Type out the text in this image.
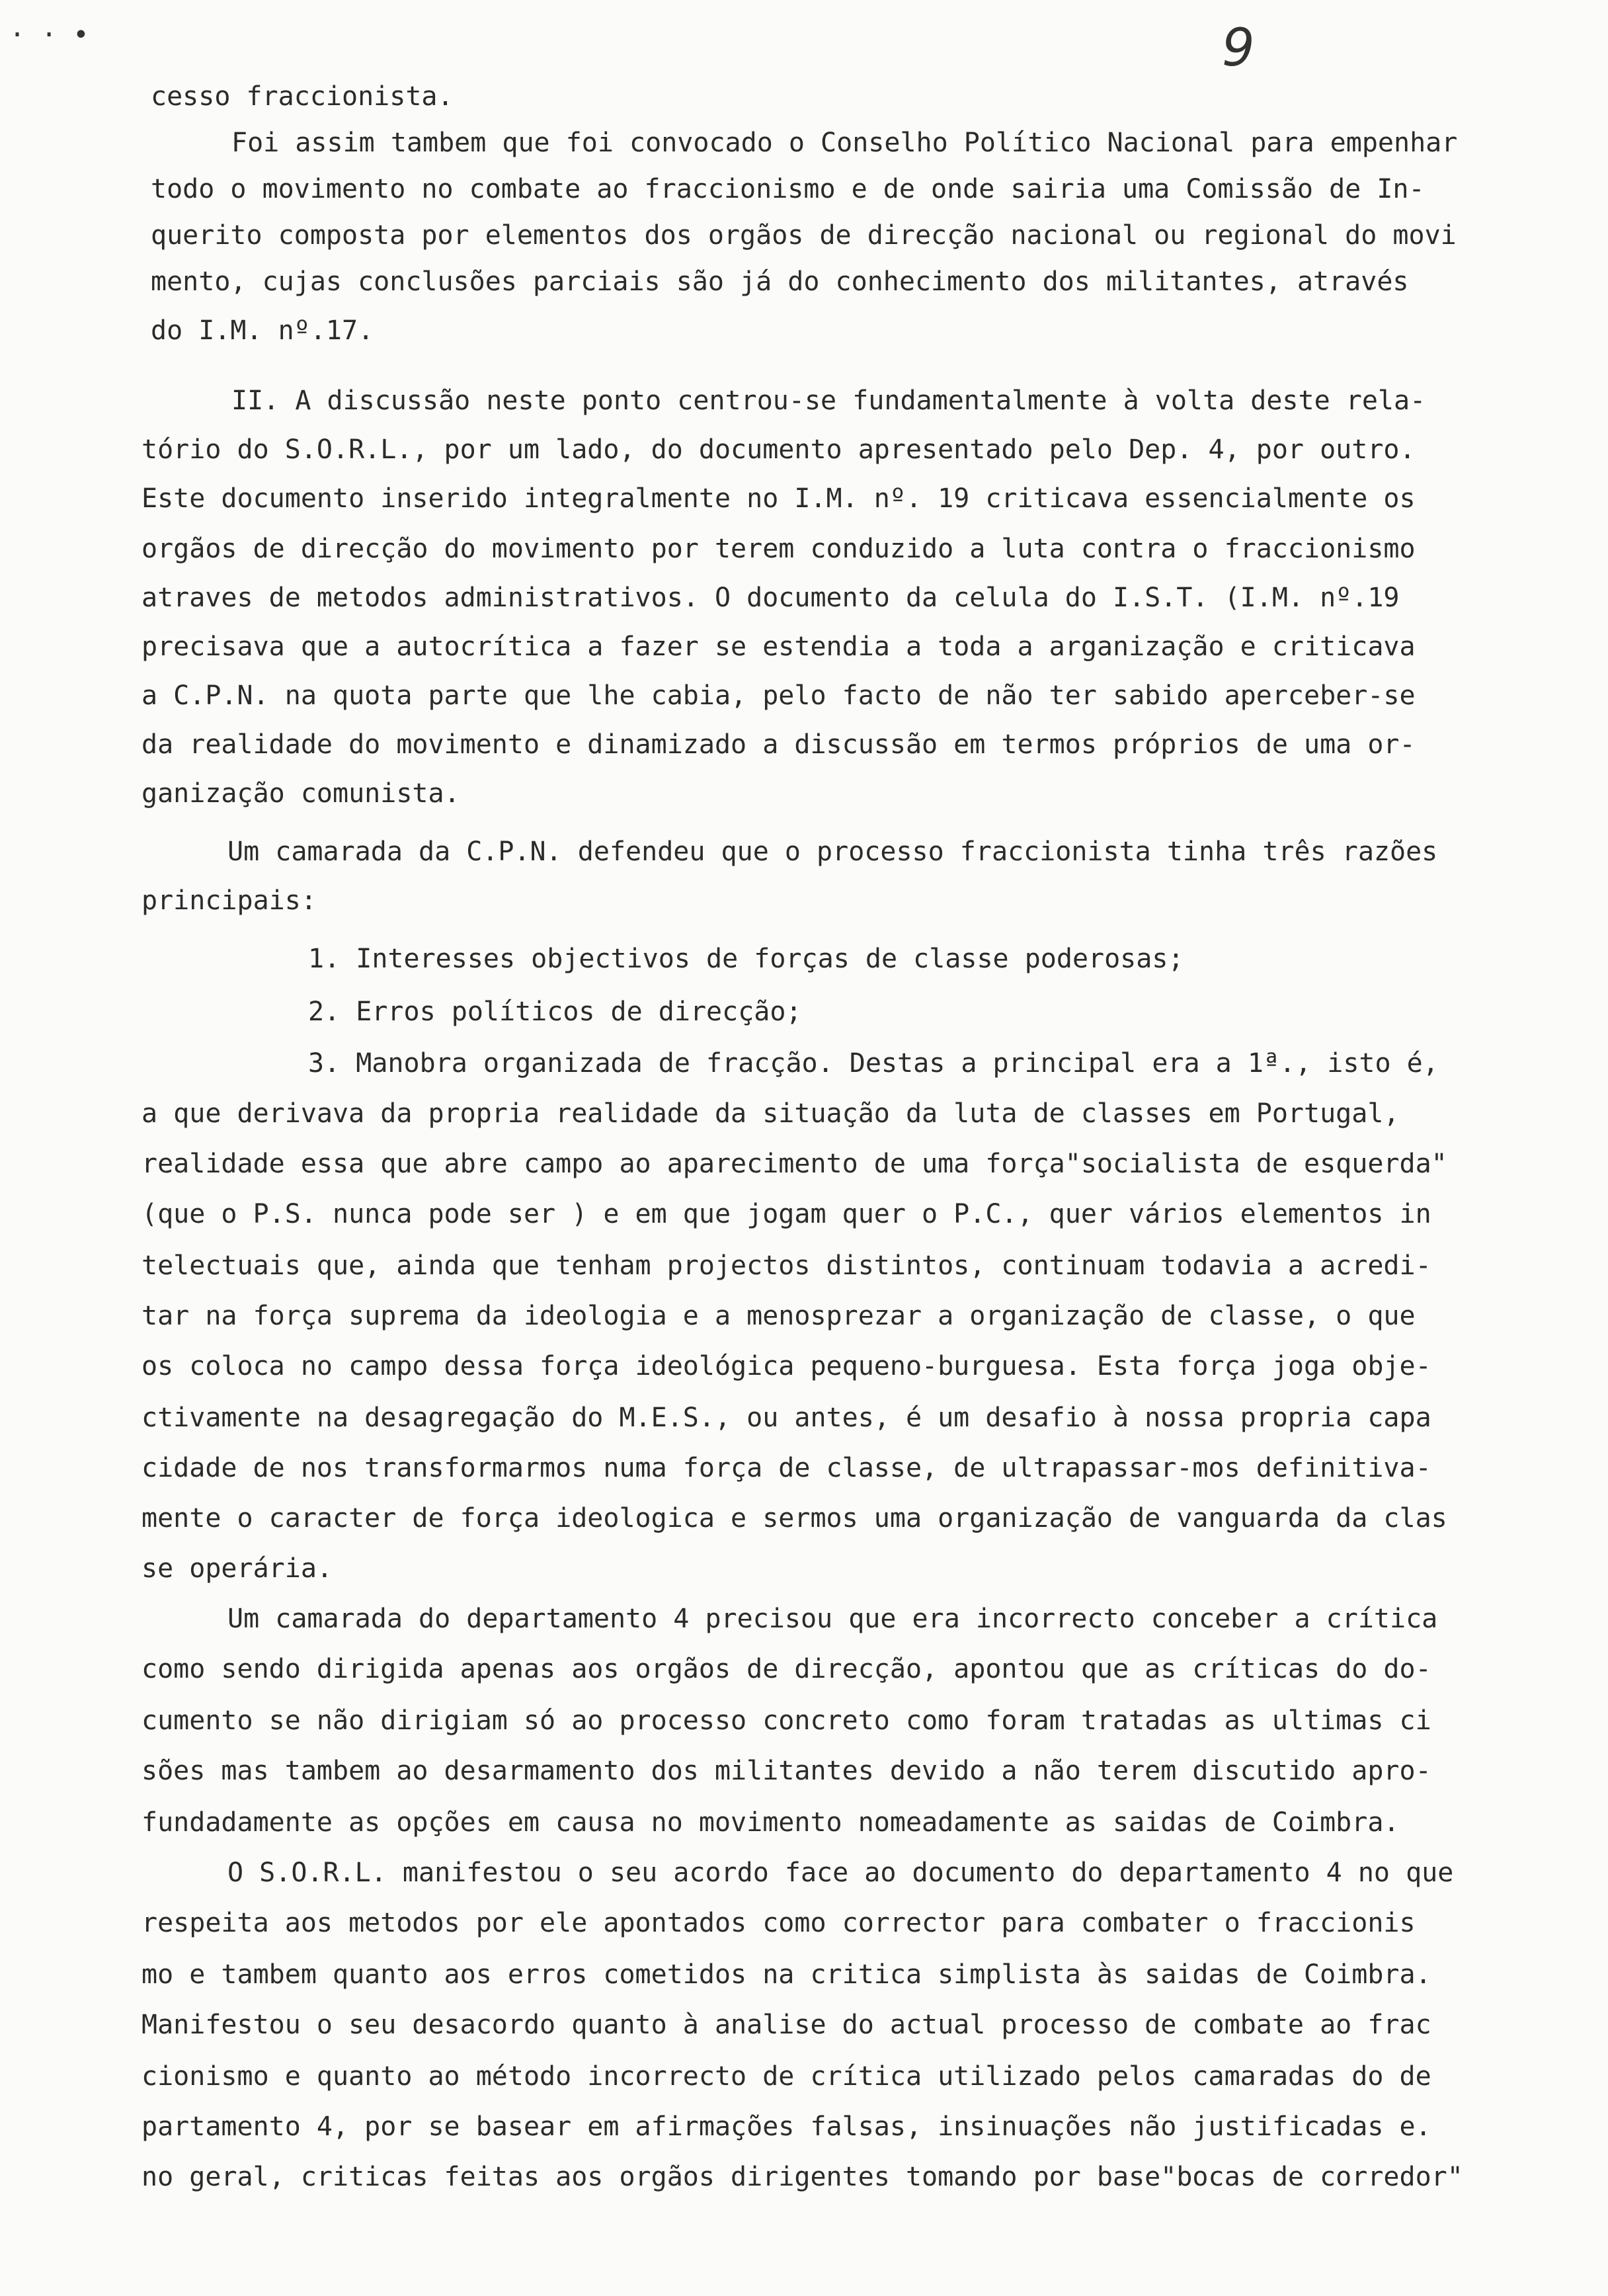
· · •	9
cesso fraccionista.
Foi assim tambem que foi convocado o Conselho Político Nacional para empenhar
todo o movimento no combate ao fraccionismo e de onde sairia uma Comissão de In-
querito composta por elementos dos orgãos de direcção nacional ou regional do movi
mento, cujas conclusões parciais são já do conhecimento dos militantes, através
do I.M. nº.17.
II. A discussão neste ponto centrou-se fundamentalmente à volta deste rela-
tório do S.O.R.L., por um lado, do documento apresentado pelo Dep. 4, por outro.
Este documento inserido integralmente no I.M. nº. 19 criticava essencialmente os
orgãos de direcção do movimento por terem conduzido a luta contra o fraccionismo
atraves de metodos administrativos. O documento da celula do I.S.T. (I.M. nº.19
precisava que a autocrítica a fazer se estendia a toda a arganização e criticava
a C.P.N. na quota parte que lhe cabia, pelo facto de não ter sabido aperceber-se
da realidade do movimento e dinamizado a discussão em termos próprios de uma or-
ganização comunista.
Um camarada da C.P.N. defendeu que o processo fraccionista tinha três razões
principais:
1. Interesses objectivos de forças de classe poderosas;
2. Erros políticos de direcção;
3. Manobra organizada de fracção. Destas a principal era a 1ª., isto é,
a que derivava da propria realidade da situação da luta de classes em Portugal,
realidade essa que abre campo ao aparecimento de uma força"socialista de esquerda"
(que o P.S. nunca pode ser ) e em que jogam quer o P.C., quer vários elementos in
telectuais que, ainda que tenham projectos distintos, continuam todavia a acredi-
tar na força suprema da ideologia e a menosprezar a organização de classe, o que
os coloca no campo dessa força ideológica pequeno-burguesa. Esta força joga obje-
ctivamente na desagregação do M.E.S., ou antes, é um desafio à nossa propria capa
cidade de nos transformarmos numa força de classe, de ultrapassar-mos definitiva-
mente o caracter de força ideologica e sermos uma organização de vanguarda da clas
se operária.
Um camarada do departamento 4 precisou que era incorrecto conceber a crítica
como sendo dirigida apenas aos orgãos de direcção, apontou que as críticas do do-
cumento se não dirigiam só ao processo concreto como foram tratadas as ultimas ci
sões mas tambem ao desarmamento dos militantes devido a não terem discutido apro-
fundadamente as opções em causa no movimento nomeadamente as saidas de Coimbra.
O S.O.R.L. manifestou o seu acordo face ao documento do departamento 4 no que
respeita aos metodos por ele apontados como corrector para combater o fraccionis
mo e tambem quanto aos erros cometidos na critica simplista às saidas de Coimbra.
Manifestou o seu desacordo quanto à analise do actual processo de combate ao frac
cionismo e quanto ao método incorrecto de crítica utilizado pelos camaradas do de
partamento 4, por se basear em afirmações falsas, insinuações não justificadas e.
no geral, criticas feitas aos orgãos dirigentes tomando por base"bocas de corredor"
